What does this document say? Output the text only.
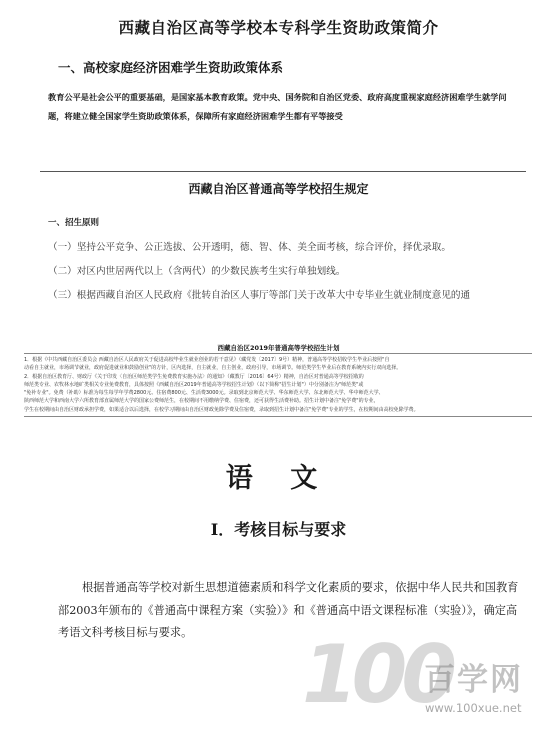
西藏自治区高等学校本专科学生资助政策简介
一、高校家庭经济困难学生资助政策体系
教育公平是社会公平的重要基础，是国家基本教育政策。党中央、国务院和自治区党委、政府高度重视家庭经济困难学生就学问题，将建立健全国家学生资助政策体系，保障所有家庭经济困难学生都有平等接受
西藏自治区普通高等学校招生规定
一、招生原则
（一）坚持公平竞争、公正选拔、公开透明，德、智、体、美全面考核，综合评价，择优录取。
（二）对区内世居两代以上（含两代）的少数民族考生实行单独划线。
（三）根据西藏自治区人民政府《批转自治区人事厅等部门关于改革大中专毕业生就业制度意见的通
西藏自治区2019年普通高等学校招生计划
1．根据《中共西藏自治区委员会 西藏自治区人民政府关于促进高校毕业生就业创业的若干意见》（藏党发〔2017〕9号）精神，普通高等学校招收学生毕业后按照"自
动看自主就业，市场调节就业，政府促进就业和鼓励创业"的方针，区内选择，自主就业，自主创业，政府引导，市场调节。师范类学生毕业后在教育系统内实行双向选择。
2．根据自治区教育厅、财政厅《关于印发〈自治区师范类学生免费教育实施办法〉的通知》（藏教厅〔2016〕64号）精神，自治区对普通高等学校招收的
师范类专业、农牧林水地矿类相关专业免费教育，具体按照《西藏自治区2019年普通高等学校招生计划》（以下简称"招生计划"）中分别备注为"师范类"或
"免补专业"。免费（补助）标准为每生每学年学费2800元、住宿费800元、生活费3000元。录取到北京师范大学、华东师范大学、东北师范大学、华中师范大学、
陕西师范大学和西南大学六所教育部直属师范大学的国家公费师范生，在校期间不用缴纳学费、住宿费，还可获得生活费补助。招生计划中备注"免学费"的专业，
学生在校期间由自治区财政承担学费，如果适合以后选择，在校学习期间由自治区财政免除学费及住宿费，录取到招生计划中备注"免学费"专业的学生，在校期间由高校免除学费。
语 文
Ⅰ．考核目标与要求
根据普通高等学校对新生思想道德素质和科学文化素质的要求，依据中华人民共和国教育部2003年颁布的《普通高中课程方案（实验）》和《普通高中语文课程标准（实验）》，确定高考语文科考核目标与要求。	100
百学网
www.100xue.net
